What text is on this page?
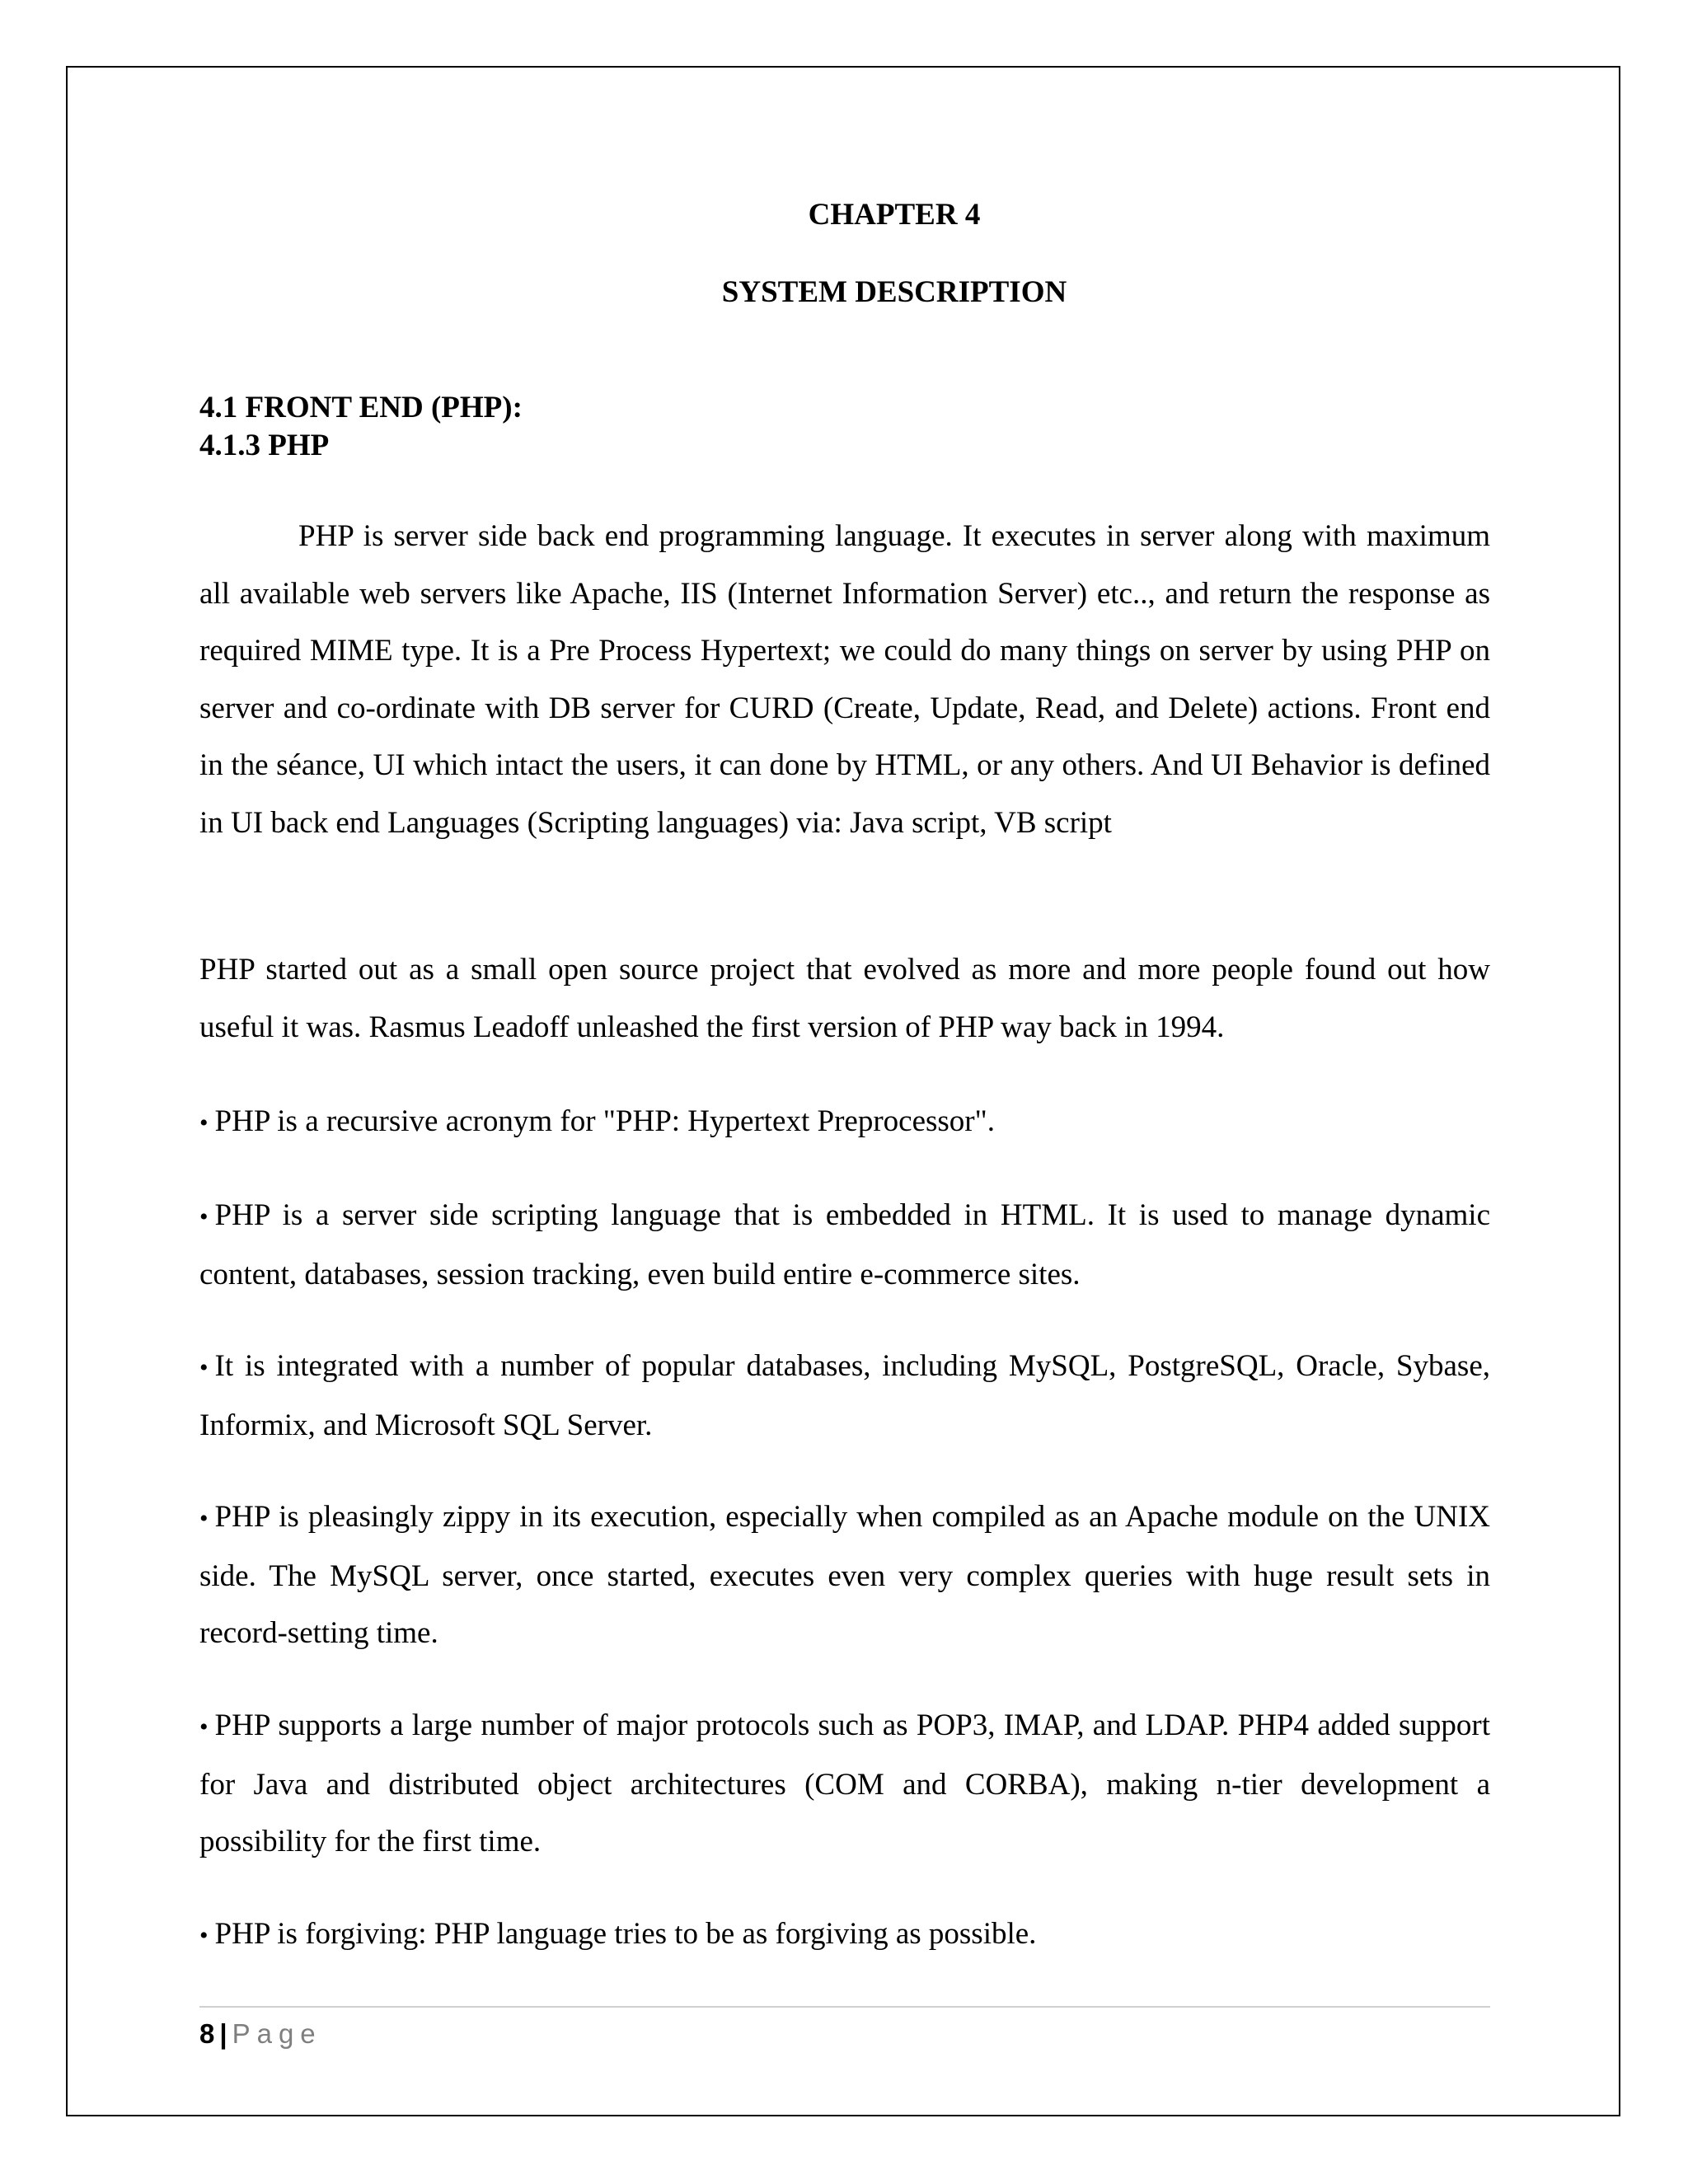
CHAPTER 4
SYSTEM DESCRIPTION
4.1 FRONT END (PHP):
4.1.3 PHP

PHP is server side back end programming language. It executes in server along with maximum all available web servers like Apache, IIS (Internet Information Server) etc.., and return the response as required MIME type. It is a Pre Process Hypertext; we could do many things on server by using PHP on server and co-ordinate with DB server for CURD (Create, Update, Read, and Delete) actions. Front end in the séance, UI which intact the users, it can done by HTML, or any others. And UI Behavior is defined in UI back end Languages (Scripting languages) via: Java script, VB script

PHP started out as a small open source project that evolved as more and more people found out how useful it was. Rasmus Leadoff unleashed the first version of PHP way back in 1994.

• PHP is a recursive acronym for "PHP: Hypertext Preprocessor".

• PHP is a server side scripting language that is embedded in HTML. It is used to manage dynamic content, databases, session tracking, even build entire e-commerce sites.

• It is integrated with a number of popular databases, including MySQL, PostgreSQL, Oracle, Sybase, Informix, and Microsoft SQL Server.

• PHP is pleasingly zippy in its execution, especially when compiled as an Apache module on the UNIX side. The MySQL server, once started, executes even very complex queries with huge result sets in record-setting time.

• PHP supports a large number of major protocols such as POP3, IMAP, and LDAP. PHP4 added support for Java and distributed object architectures (COM and CORBA), making n-tier development a possibility for the first time.

• PHP is forgiving: PHP language tries to be as forgiving as possible.

8 | Page
